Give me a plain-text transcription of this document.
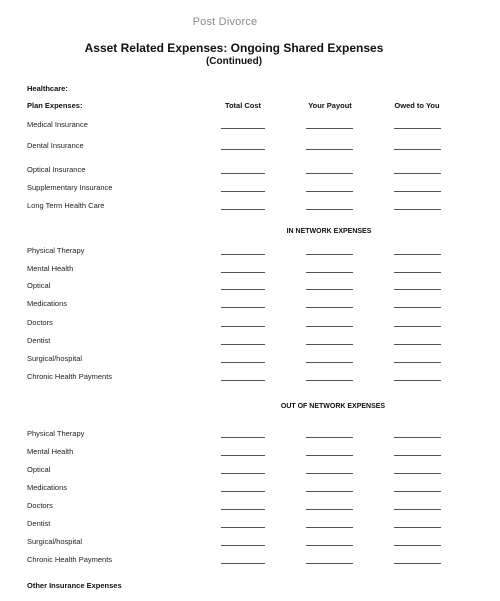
Post Divorce
Asset Related Expenses: Ongoing Shared Expenses
(Continued)
Healthcare:
Plan Expenses:	Total Cost	Your Payout	Owed to You
Medical Insurance
Dental Insurance
Optical Insurance
Supplementary Insurance
Long Term Health Care
IN NETWORK EXPENSES
Physical Therapy
Mental Health
Optical
Medications
Doctors
Dentist
Surgical/hospital
Chronic Health Payments
OUT OF NETWORK EXPENSES
Physical Therapy
Mental Health
Optical
Medications
Doctors
Dentist
Surgical/hospital
Chronic Health Payments
Other Insurance Expenses
